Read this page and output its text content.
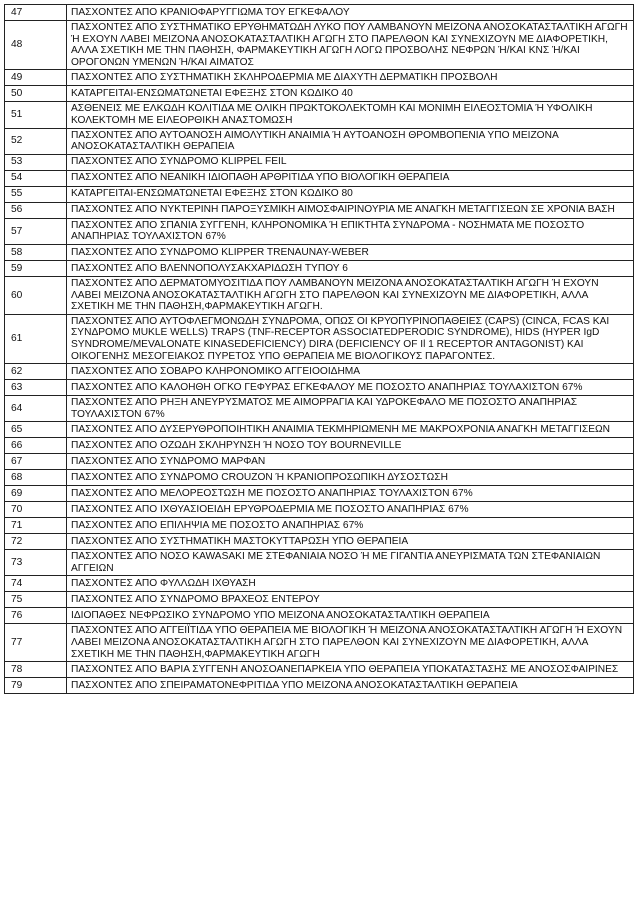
47	ΠΑΣΧΟΝΤΕΣ ΑΠΟ ΚΡΑΝΙΟΦΑΡΥΓΓΙΩΜΑ ΤΟΥ ΕΓΚΕΦΑΛΟΥ
48	ΠΑΣΧΟΝΤΕΣ ΑΠΟ ΣΥΣΤΗΜΑΤΙΚΟ ΕΡΥΘΗΜΑΤΩΔΗ ΛΥΚΟ ΠΟΥ ΛΑΜΒΑΝΟΥΝ ΜΕΙΖΟΝΑ ΑΝΟΣΟΚΑΤΑΣΤΑΛΤΙΚΗ ΑΓΩΓΗ Ή ΕΧΟΥΝ ΛΑΒΕΙ ΜΕΙΖΟΝΑ ΑΝΟΣΟΚΑΤΑΣΤΑΛΤΙΚΗ ΑΓΩΓΗ ΣΤΟ ΠΑΡΕΛΘΟΝ ΚΑΙ ΣΥΝΕΧΙΖΟΥΝ ΜΕ ΔΙΑΦΟΡΕΤΙΚΗ, ΑΛΛΑ ΣΧΕΤΙΚΗ ΜΕ ΤΗΝ ΠΑΘΗΣΗ, ΦΑΡΜΑΚΕΥΤΙΚΗ ΑΓΩΓΗ ΛΟΓΩ ΠΡΟΣΒΟΛΗΣ ΝΕΦΡΩΝ Ή/ΚΑΙ ΚΝΣ Ή/ΚΑΙ ΟΡΟΓΟΝΩΝ ΥΜΕΝΩΝ Ή/ΚΑΙ ΑΙΜΑΤΟΣ
49	ΠΑΣΧΟΝΤΕΣ ΑΠΟ ΣΥΣΤΗΜΑΤΙΚΗ ΣΚΛΗΡΟΔΕΡΜΙΑ ΜΕ ΔΙΑΧΥΤΗ ΔΕΡΜΑΤΙΚΗ ΠΡΟΣΒΟΛΗ
50	ΚΑΤΑΡΓΕΙΤΑΙ-ΕΝΣΩΜΑΤΩΝΕΤΑΙ ΕΦΕΞΗΣ ΣΤΟΝ ΚΩΔΙΚΟ 40
51	ΑΣΘΕΝΕΙΣ ΜΕ ΕΛΚΩΔΗ ΚΟΛΙΤΙΔΑ ΜΕ ΟΛΙΚΗ ΠΡΩΚΤΟΚΟΛΕΚΤΟΜΗ ΚΑΙ ΜΟΝΙΜΗ ΕΙΛΕΟΣΤΟΜΙΑ Ή ΥΦΟΛΙΚΗ ΚΟΛΕΚΤΟΜΗ ΜΕ ΕΙΛΕΟΡΘΙΚΗ ΑΝΑΣΤΟΜΩΣΗ
52	ΠΑΣΧΟΝΤΕΣ ΑΠΟ ΑΥΤΟΑΝΟΣΗ ΑΙΜΟΛΥΤΙΚΗ ΑΝΑΙΜΙΑ Ή ΑΥΤΟΑΝΟΣΗ ΘΡΟΜΒΟΠΕΝΙΑ ΥΠΟ ΜΕΙΖΟΝΑ ΑΝΟΣΟΚΑΤΑΣΤΑΛΤΙΚΗ ΘΕΡΑΠΕΙΑ
53	ΠΑΣΧΟΝΤΕΣ ΑΠΟ ΣΥΝΔΡΟΜΟ KLIPPEL FEIL
54	ΠΑΣΧΟΝΤΕΣ ΑΠΟ ΝΕΑΝΙΚΗ ΙΔΙΟΠΑΘΗ ΑΡΘΡΙΤΙΔΑ ΥΠΟ ΒΙΟΛΟΓΙΚΗ ΘΕΡΑΠΕΙΑ
55	ΚΑΤΑΡΓΕΙΤΑΙ-ΕΝΣΩΜΑΤΩΝΕΤΑΙ ΕΦΕΞΗΣ ΣΤΟΝ ΚΩΔΙΚΟ 80
56	ΠΑΣΧΟΝΤΕΣ ΑΠΟ ΝΥΚΤΕΡΙΝΗ ΠΑΡΟΞΥΣΜΙΚΗ ΑΙΜΟΣΦΑΙΡΙΝΟΥΡΙΑ ΜΕ ΑΝΑΓΚΗ ΜΕΤΑΓΓΙΣΕΩΝ ΣΕ ΧΡΟΝΙΑ ΒΑΣΗ
57	ΠΑΣΧΟΝΤΕΣ ΑΠΟ ΣΠΑΝΙΑ ΣΥΓΓΕΝΗ, ΚΛΗΡΟΝΟΜΙΚΑ Ή ΕΠΙΚΤΗΤΑ ΣΥΝΔΡΟΜΑ - ΝΟΣΗΜΑΤΑ ΜΕ ΠΟΣΟΣΤΟ ΑΝΑΠΗΡΙΑΣ ΤΟΥΛΑΧΙΣΤΟΝ 67%
58	ΠΑΣΧΟΝΤΕΣ ΑΠΟ ΣΥΝΔΡΟΜΟ KLIPPER TRENAUNAY-WEBER
59	ΠΑΣΧΟΝΤΕΣ ΑΠΟ ΒΛΕΝΝΟΠΟΛΥΣΑΚΧΑΡΙΔΩΣΗ ΤΥΠΟΥ 6
60	ΠΑΣΧΟΝΤΕΣ ΑΠΟ ΔΕΡΜΑΤΟΜΥΟΣΙΤΙΔΑ ΠΟΥ ΛΑΜΒΑΝΟΥΝ ΜΕΙΖΟΝΑ ΑΝΟΣΟΚΑΤΑΣΤΑΛΤΙΚΗ ΑΓΩΓΗ Ή ΕΧΟΥΝ ΛΑΒΕΙ ΜΕΙΖΟΝΑ ΑΝΟΣΟΚΑΤΑΣΤΑΛΤΙΚΗ ΑΓΩΓΗ ΣΤΟ ΠΑΡΕΛΘΟΝ ΚΑΙ ΣΥΝΕΧΙΖΟΥΝ ΜΕ ΔΙΑΦΟΡΕΤΙΚΗ, ΑΛΛΑ ΣΧΕΤΙΚΗ ΜΕ ΤΗΝ ΠΑΘΗΣΗ,ΦΑΡΜΑΚΕΥΤΙΚΗ ΑΓΩΓΗ.
61	ΠΑΣΧΟΝΤΕΣ ΑΠΟ ΑΥΤΟΦΛΕΓΜΟΝΩΔΗ ΣΥΝΔΡΟΜΑ, ΟΠΩΣ ΟΙ ΚΡΥΟΠΥΡΙΝΟΠΑΘΕΙΕΣ (CAPS) (CINCA, FCAS ΚΑΙ ΣΥΝΔΡΟΜΟ MUKLE WELLS) TRAPS (TNF-RECEPTOR ASSOCIATEDPERODIC SYNDROME), HIDS (HYPER IgD SYNDROME/MEVALONATE KINASEDEFICIENCY) DIRA (DEFICIENCY OF Il 1 RECEPTOR ANTAGONIST) ΚΑΙ ΟΙΚΟΓΕΝΗΣ ΜΕΣΟΓΕΙΑΚΟΣ ΠΥΡΕΤΟΣ ΥΠΟ ΘΕΡΑΠΕΙΑ ΜΕ ΒΙΟΛΟΓΙΚΟΥΣ ΠΑΡΑΓΟΝΤΕΣ.
62	ΠΑΣΧΟΝΤΕΣ ΑΠΟ ΣΟΒΑΡΟ ΚΛΗΡΟΝΟΜΙΚΟ ΑΓΓΕΙΟΟΙΔΗΜΑ
63	ΠΑΣΧΟΝΤΕΣ ΑΠΟ ΚΑΛΟΗΘΗ ΟΓΚΟ ΓΕΦΥΡΑΣ ΕΓΚΕΦΑΛΟΥ ΜΕ ΠΟΣΟΣΤΟ ΑΝΑΠΗΡΙΑΣ ΤΟΥΛΑΧΙΣΤΟΝ 67%
64	ΠΑΣΧΟΝΤΕΣ ΑΠΟ ΡΗΞΗ ΑΝΕΥΡΥΣΜΑΤΟΣ ΜΕ ΑΙΜΟΡΡΑΓΙΑ ΚΑΙ ΥΔΡΟΚΕΦΑΛΟ ΜΕ ΠΟΣΟΣΤΟ ΑΝΑΠΗΡΙΑΣ ΤΟΥΛΑΧΙΣΤΟΝ 67%
65	ΠΑΣΧΟΝΤΕΣ ΑΠΟ ΔΥΣΕΡΥΘΡΟΠΟΙΗΤΙΚΗ ΑΝΑΙΜΙΑ ΤΕΚΜΗΡΙΩΜΕΝΗ ΜΕ ΜΑΚΡΟΧΡΟΝΙΑ ΑΝΑΓΚΗ ΜΕΤΑΓΓΙΣΕΩΝ
66	ΠΑΣΧΟΝΤΕΣ ΑΠΟ ΟΖΩΔΗ ΣΚΛΗΡΥΝΣΗ Ή ΝΟΣΟ ΤΟΥ BOURNEVILLE
67	ΠΑΣΧΟΝΤΕΣ ΑΠΟ ΣΥΝΔΡΟΜΟ ΜΑΡΦΑΝ
68	ΠΑΣΧΟΝΤΕΣ ΑΠΟ ΣΥΝΔΡΟΜΟ CROUZON Ή ΚΡΑΝΙΟΠΡΟΣΩΠΙΚΗ ΔΥΣΟΣΤΩΣΗ
69	ΠΑΣΧΟΝΤΕΣ ΑΠΟ ΜΕΛΟΡΕΟΣΤΩΣΗ ΜΕ ΠΟΣΟΣΤΟ ΑΝΑΠΗΡΙΑΣ ΤΟΥΛΑΧΙΣΤΟΝ 67%
70	ΠΑΣΧΟΝΤΕΣ ΑΠΟ ΙΧΘΥΑΣΙΟΕΙΔΗ ΕΡΥΘΡΟΔΕΡΜΙΑ ΜΕ ΠΟΣΟΣΤΟ ΑΝΑΠΗΡΙΑΣ 67%
71	ΠΑΣΧΟΝΤΕΣ ΑΠΟ ΕΠΙΛΗΨΙΑ ΜΕ ΠΟΣΟΣΤΟ ΑΝΑΠΗΡΙΑΣ 67%
72	ΠΑΣΧΟΝΤΕΣ ΑΠΟ ΣΥΣΤΗΜΑΤΙΚΗ ΜΑΣΤΟΚΥΤΤΑΡΩΣΗ ΥΠΟ ΘΕΡΑΠΕΙΑ
73	ΠΑΣΧΟΝΤΕΣ ΑΠΟ ΝΟΣΟ KAWASAKI ΜΕ ΣΤΕΦΑΝΙΑΙΑ ΝΟΣΟ Ή ΜΕ ΓΙΓΑΝΤΙΑ ΑΝΕΥΡΙΣΜΑΤΑ ΤΩΝ ΣΤΕΦΑΝΙΑΙΩΝ ΑΓΓΕΙΩΝ
74	ΠΑΣΧΟΝΤΕΣ ΑΠΟ ΦΥΛΛΩΔΗ ΙΧΘΥΑΣΗ
75	ΠΑΣΧΟΝΤΕΣ ΑΠΟ ΣΥΝΔΡΟΜΟ ΒΡΑΧΕΟΣ ΕΝΤΕΡΟΥ
76	ΙΔΙΟΠΑΘΕΣ ΝΕΦΡΩΣΙΚΟ ΣΥΝΔΡΟΜΟ ΥΠΟ ΜΕΙΖΟΝΑ ΑΝΟΣΟΚΑΤΑΣΤΑΛΤΙΚΗ ΘΕΡΑΠΕΙΑ
77	ΠΑΣΧΟΝΤΕΣ ΑΠΟ ΑΓΓΕΙΪΤΙΔΑ ΥΠΟ ΘΕΡΑΠΕΙΑ ΜΕ ΒΙΟΛΟΓΙΚΗ Ή ΜΕΙΖΟΝΑ ΑΝΟΣΟΚΑΤΑΣΤΑΛΤΙΚΗ ΑΓΩΓΗ Ή ΕΧΟΥΝ ΛΑΒΕΙ ΜΕΙΖΟΝΑ ΑΝΟΣΟΚΑΤΑΣΤΑΛΤΙΚΗ ΑΓΩΓΗ ΣΤΟ ΠΑΡΕΛΘΟΝ ΚΑΙ ΣΥΝΕΧΙΖΟΥΝ ΜΕ ΔΙΑΦΟΡΕΤΙΚΗ, ΑΛΛΑ ΣΧΕΤΙΚΗ ΜΕ ΤΗΝ ΠΑΘΗΣΗ,ΦΑΡΜΑΚΕΥΤΙΚΗ ΑΓΩΓΗ
78	ΠΑΣΧΟΝΤΕΣ ΑΠΟ ΒΑΡΙΑ ΣΥΓΓΕΝΗ ΑΝΟΣΟΑΝΕΠΑΡΚΕΙΑ ΥΠΟ ΘΕΡΑΠΕΙΑ ΥΠΟΚΑΤΑΣΤΑΣΗΣ ΜΕ ΑΝΟΣΟΣΦΑΙΡΙΝΕΣ
79	ΠΑΣΧΟΝΤΕΣ ΑΠΟ ΣΠΕΙΡΑΜΑΤΟΝΕΦΡΙΤΙΔΑ ΥΠΟ ΜΕΙΖΟΝΑ ΑΝΟΣΟΚΑΤΑΣΤΑΛΤΙΚΗ ΘΕΡΑΠΕΙΑ
